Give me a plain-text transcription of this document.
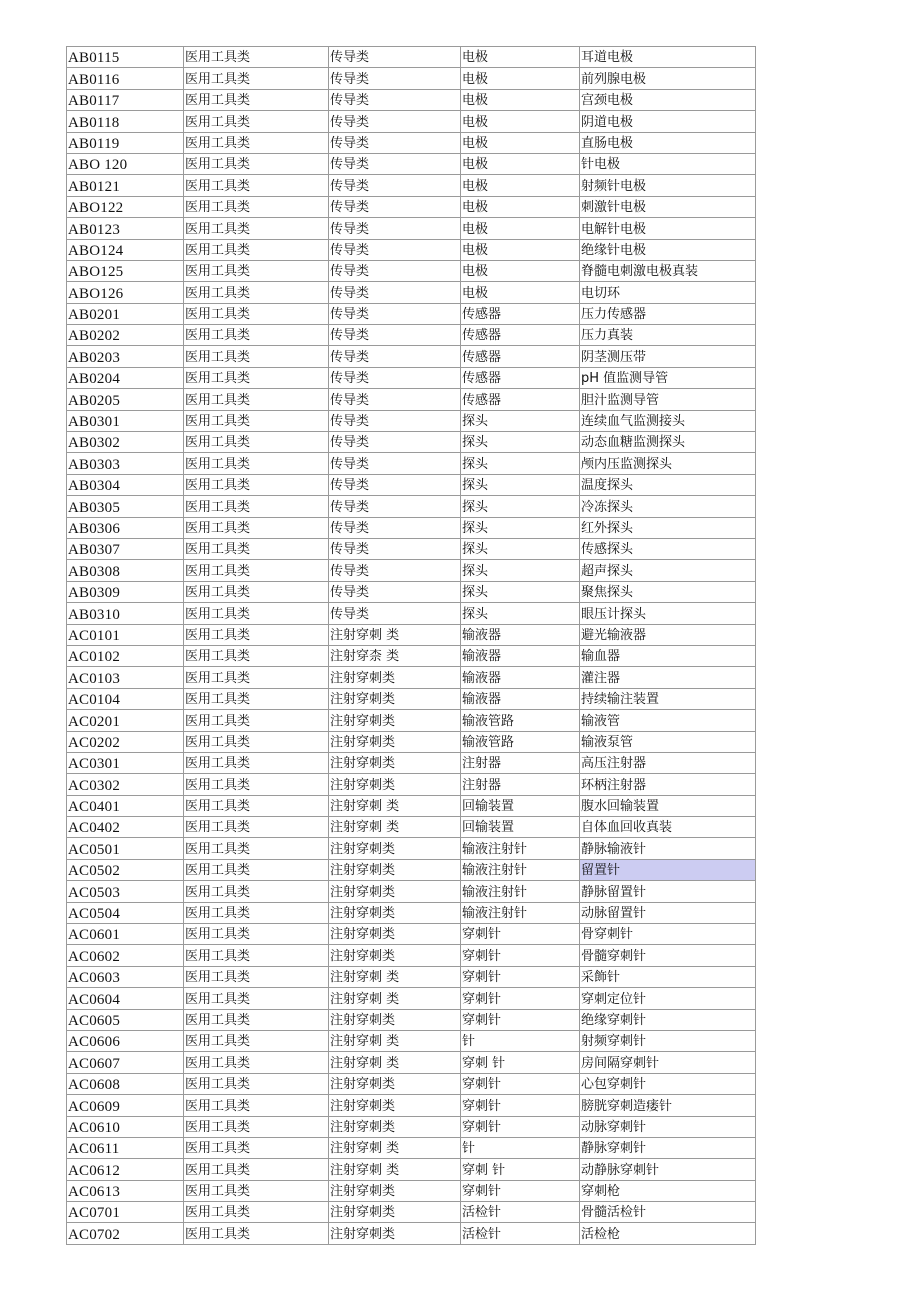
AB0115	医用工具类	传导类	电极	耳道电极
AB0116	医用工具类	传导类	电极	前列腺电极
AB0117	医用工具类	传导类	电极	宫颈电极
AB0118	医用工具类	传导类	电极	阴道电极
AB0119	医用工具类	传导类	电极	直肠电极
ABO 120	医用工具类	传导类	电极	针电极
AB0121	医用工具类	传导类	电极	射频针电极
ABO122	医用工具类	传导类	电极	刺激针电极
AB0123	医用工具类	传导类	电极	电解针电极
ABO124	医用工具类	传导类	电极	绝缘针电极
ABO125	医用工具类	传导类	电极	脊髓电刺激电极真装
ABO126	医用工具类	传导类	电极	电切环
AB0201	医用工具类	传导类	传感器	压力传感器
AB0202	医用工具类	传导类	传感器	压力真装
AB0203	医用工具类	传导类	传感器	阴茎测压带
AB0204	医用工具类	传导类	传感器	pH 值监测导管
AB0205	医用工具类	传导类	传感器	胆汁监测导管
AB0301	医用工具类	传导类	探头	连续血气监测接头
AB0302	医用工具类	传导类	探头	动态血糖监测探头
AB0303	医用工具类	传导类	探头	颅内压监测探头
AB0304	医用工具类	传导类	探头	温度探头
AB0305	医用工具类	传导类	探头	冷冻探头
AB0306	医用工具类	传导类	探头	红外探头
AB0307	医用工具类	传导类	探头	传感探头
AB0308	医用工具类	传导类	探头	超声探头
AB0309	医用工具类	传导类	探头	聚焦探头
AB0310	医用工具类	传导类	探头	眼压计探头
AC0101	医用工具类	注射穿刺 类	输液器	避光输液器
AC0102	医用工具类	注射穿柰 类	输液器	输血器
AC0103	医用工具类	注射穿刺类	输液器	灌注器
AC0104	医用工具类	注射穿刺类	输液器	持续输注装置
AC0201	医用工具类	注射穿刺类	输液管路	输液管
AC0202	医用工具类	注射穿刺类	输液管路	输液泵管
AC0301	医用工具类	注射穿刺类	注射器	高压注射器
AC0302	医用工具类	注射穿刺类	注射器	环柄注射器
AC0401	医用工具类	注射穿刺 类	回输装置	腹水回输装置
AC0402	医用工具类	注射穿刺 类	回输装置	自体血回收真装
AC0501	医用工具类	注射穿刺类	输液注射针	静脉输液针
AC0502	医用工具类	注射穿刺类	输液注射针	留置针
AC0503	医用工具类	注射穿刺类	输液注射针	静脉留置针
AC0504	医用工具类	注射穿刺类	输液注射针	动脉留置针
AC0601	医用工具类	注射穿刺类	穿刺针	骨穿刺针
AC0602	医用工具类	注射穿刺类	穿刺针	骨髓穿刺针
AC0603	医用工具类	注射穿刺 类	穿刺针	采飾针
AC0604	医用工具类	注射穿刺 类	穿刺针	穿刺定位针
AC0605	医用工具类	注射穿刺类	穿刺针	绝缘穿刺针
AC0606	医用工具类	注射穿刺 类	针	射频穿刺针
AC0607	医用工具类	注射穿刺 类	穿刺 针	房间隔穿刺针
AC0608	医用工具类	注射穿刺类	穿刺针	心包穿刺针
AC0609	医用工具类	注射穿刺类	穿刺针	膀胱穿刺造瘘针
AC0610	医用工具类	注射穿刺类	穿刺针	动脉穿刺针
AC0611	医用工具类	注射穿刺 类	针	静脉穿刺针
AC0612	医用工具类	注射穿刺 类	穿刺 针	动静脉穿刺针
AC0613	医用工具类	注射穿刺类	穿刺针	穿刺枪
AC0701	医用工具类	注射穿刺类	活检针	骨髓活检针
AC0702	医用工具类	注射穿刺类	活检针	活检枪
